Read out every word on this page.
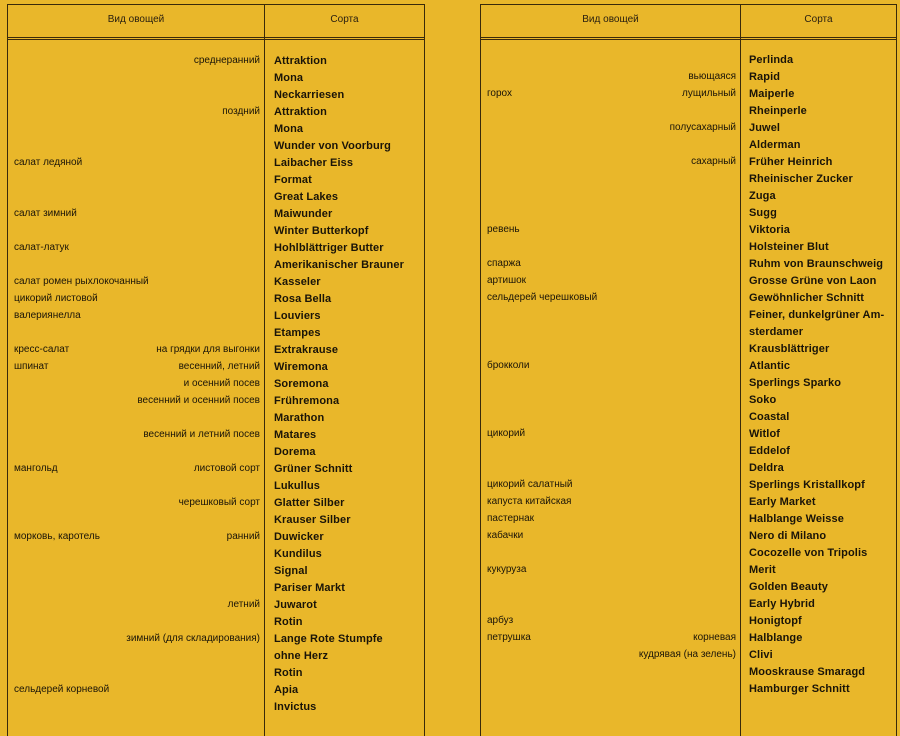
Вид овощей	Сорта
среднеранний Attraktion
Mona
Neckarriesen
поздний Attraktion
Mona
Wunder von Voorburg
салат ледяной	Laibacher Eiss
Format
Great Lakes
салат зимний	Maiwunder
Winter Butterkopf
салат-латук	Hohlblättriger Butter
Amerikanischer Brauner
салат ромен рыхлокочанный	Kasseler
цикорий листовой	Rosa Bella
валериянелла	Louviers
Etampes
кресс-салат	на грядки для выгонки Extrakrause
шпинат	весенний, летний Wiremona
и осенний посев Soremona
весенний и осенний посев Frühremona
Marathon
весенний и летний посев Matares
Dorema
мангольд	листовой сорт Grüner Schnitt
Lukullus
черешковый сорт Glatter Silber
Krauser Silber
морковь, каротель	ранний Duwicker
Kundilus
Signal
Pariser Markt
летний Juwarot
Rotin
зимний (для складирования) Lange Rote Stumpfe
ohne Herz
Rotin
сельдерей корневой	Apia
Invictus
Вид овощей	Сорта
Perlinda
вьющаяся Rapid
горох	лущильный Maiperle
Rheinperle
полусахарный Juwel
Alderman
сахарный Früher Heinrich
Rheinischer Zucker
Zuga
Sugg
ревень	Viktoria
Holsteiner Blut
спаржа	Ruhm von Braunschweig
артишок	Grosse Grüne von Laon
сельдерей черешковый	Gewöhnlicher Schnitt
Feiner, dunkelgrüner Am-
sterdamer
Krausblättriger
брокколи	Atlantic
Sperlings Sparko
Soko
Coastal
цикорий	Witlof
Eddelof
Deldra
цикорий салатный	Sperlings Kristallkopf
капуста китайская	Early Market
пастернак	Halblange Weisse
кабачки	Nero di Milano
Cocozelle von Tripolis
кукуруза	Merit
Golden Beauty
Early Hybrid
арбуз	Honigtopf
петрушка	корневая Halblange
кудрявая (на зелень) Clivi
Mooskrause Smaragd
Hamburger Schnitt
